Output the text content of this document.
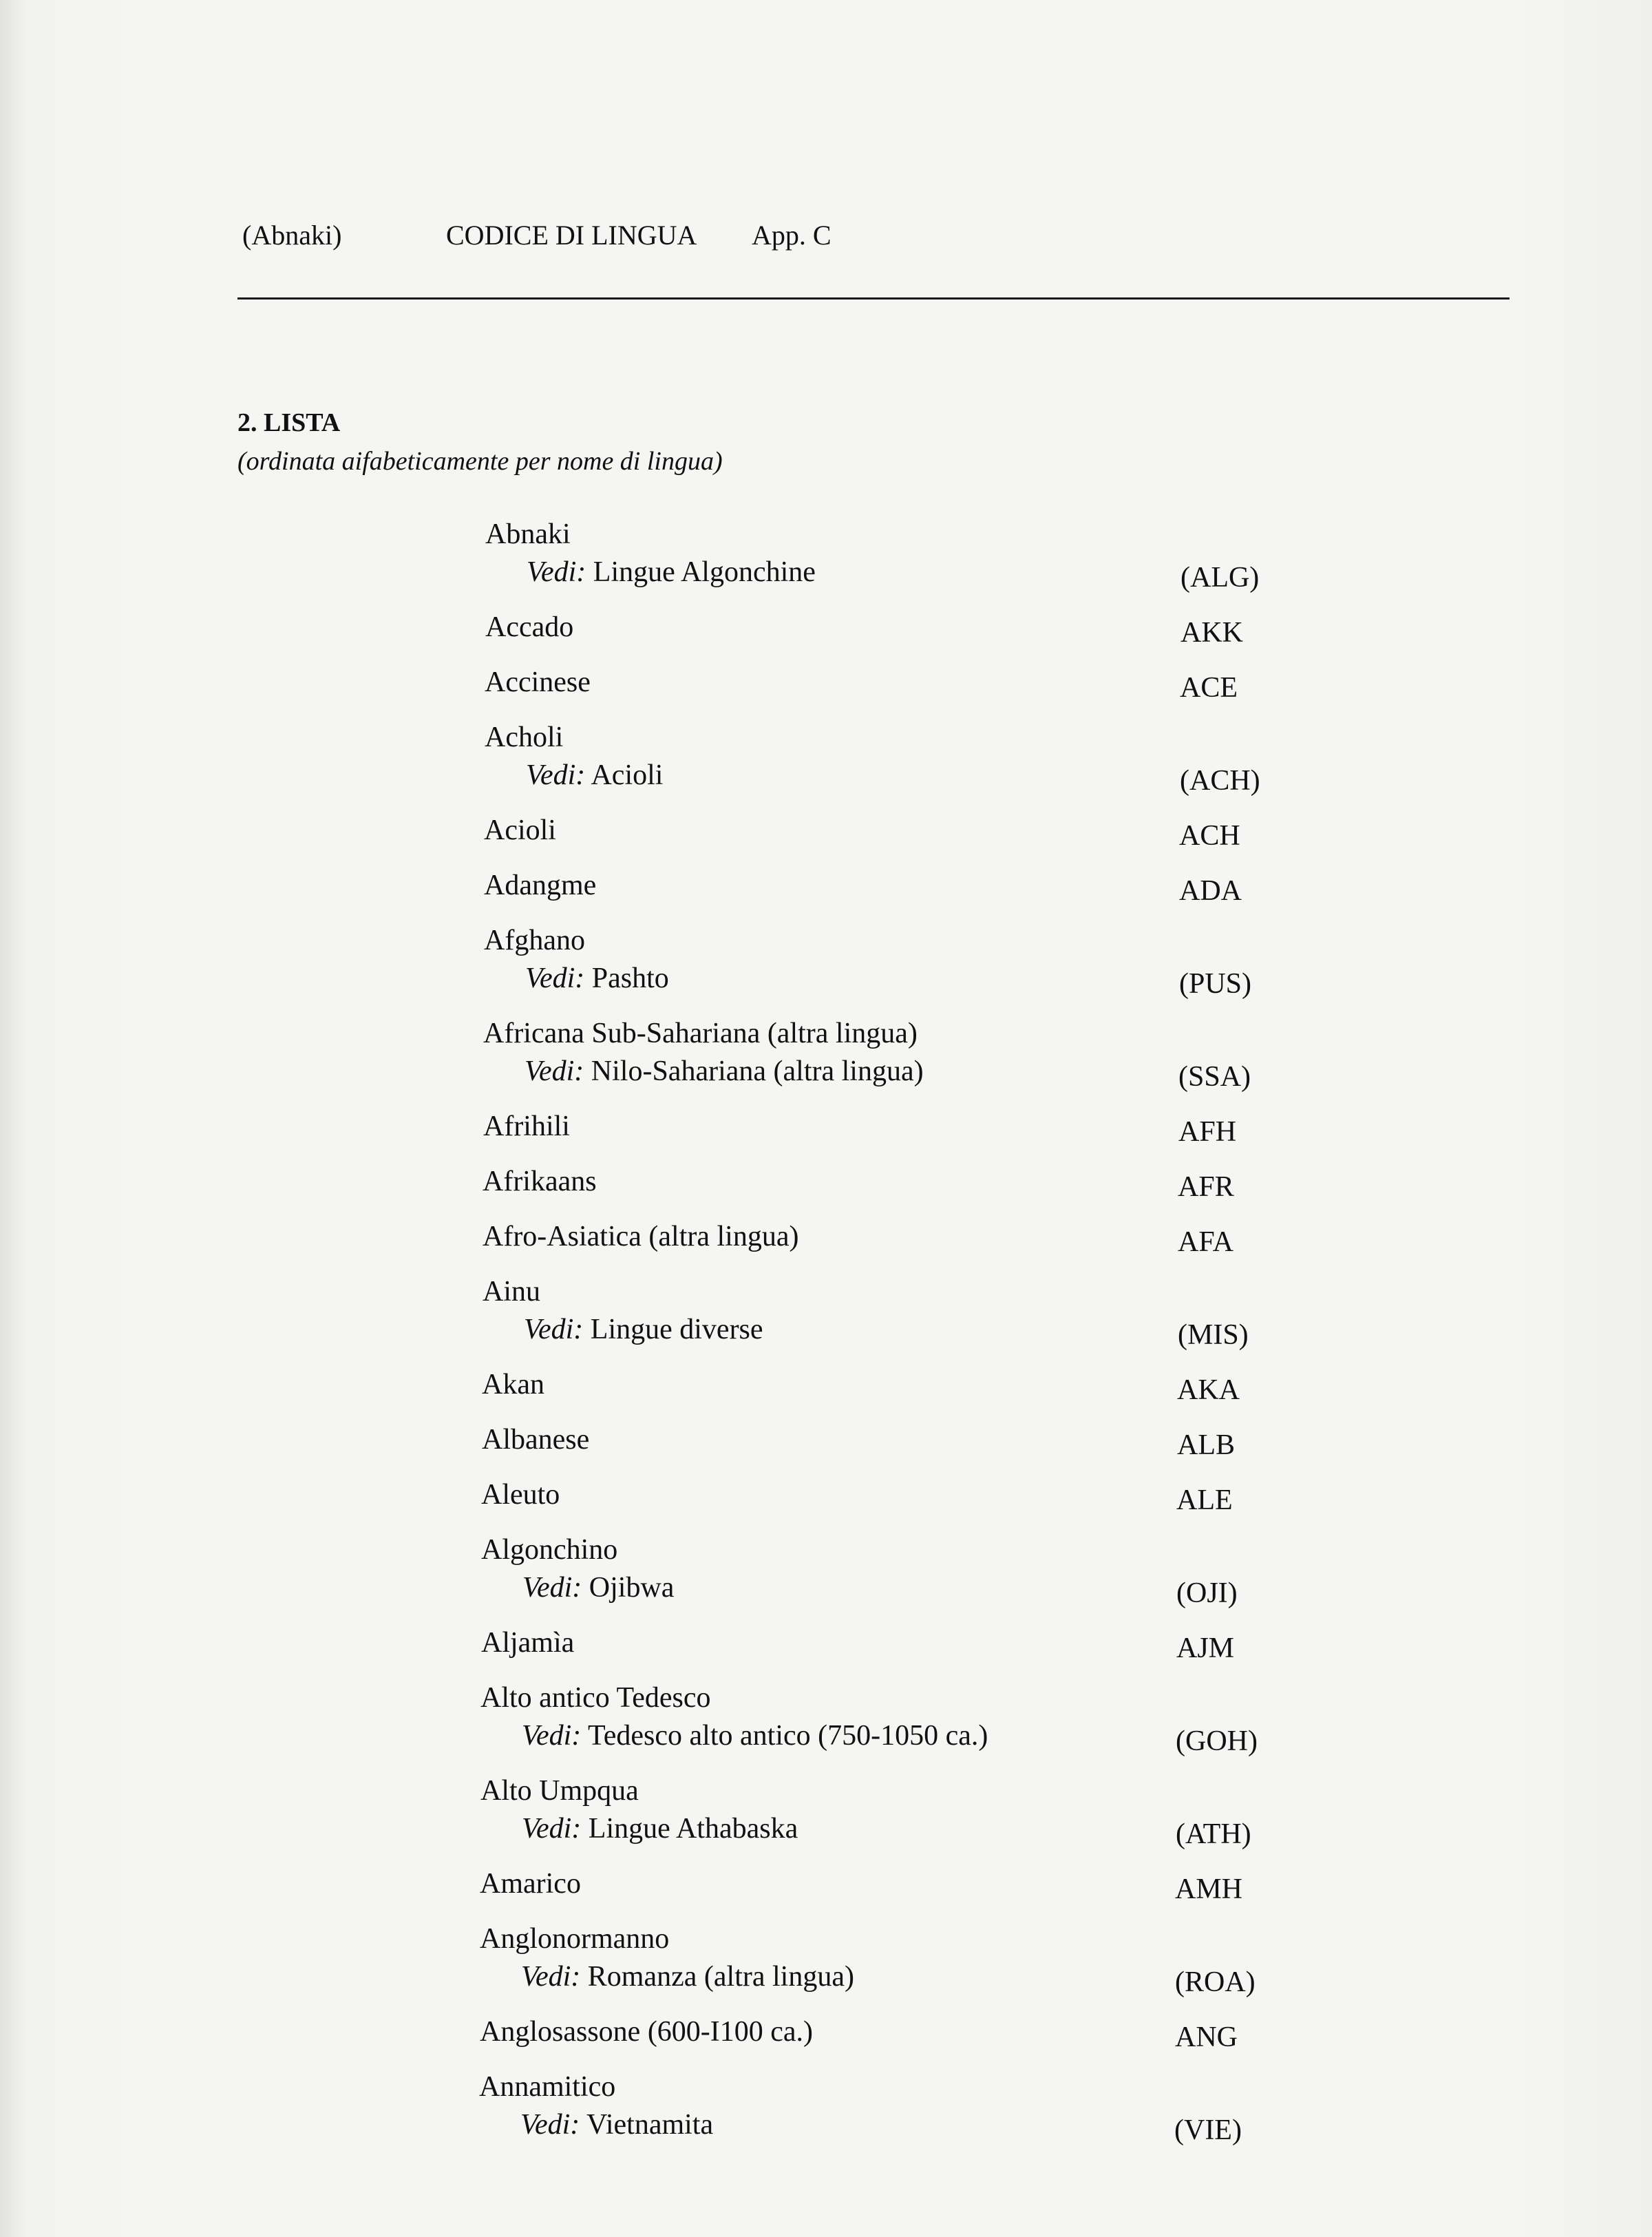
(Abnaki)	CODICE DI LINGUA App. C
2. LISTA
(ordinata aifabeticamente per nome di lingua)
Abnaki
Vedi: Lingue Algonchine	(ALG)
Accado	AKK
Accinese	ACE
Acholi
Vedi: Acioli	(ACH)
Acioli	ACH
Adangme	ADA
Afghano
Vedi: Pashto	(PUS)
Africana Sub-Sahariana (altra lingua)
Vedi: Nilo-Sahariana (altra lingua)	(SSA)
Afrihili	AFH
Afrikaans	AFR
Afro-Asiatica (altra lingua)	AFA
Ainu
Vedi: Lingue diverse	(MIS)
Akan	AKA
Albanese	ALB
Aleuto	ALE
Algonchino
Vedi: Ojibwa	(OJI)
Aljamìa	AJM
Alto antico Tedesco
Vedi: Tedesco alto antico (750-1050 ca.)	(GOH)
Alto Umpqua
Vedi: Lingue Athabaska	(ATH)
Amarico	AMH
Anglonormanno
Vedi: Romanza (altra lingua)	(ROA)
Anglosassone (600-I100 ca.)	ANG
Annamitico
Vedi: Vietnamita	(VIE)
